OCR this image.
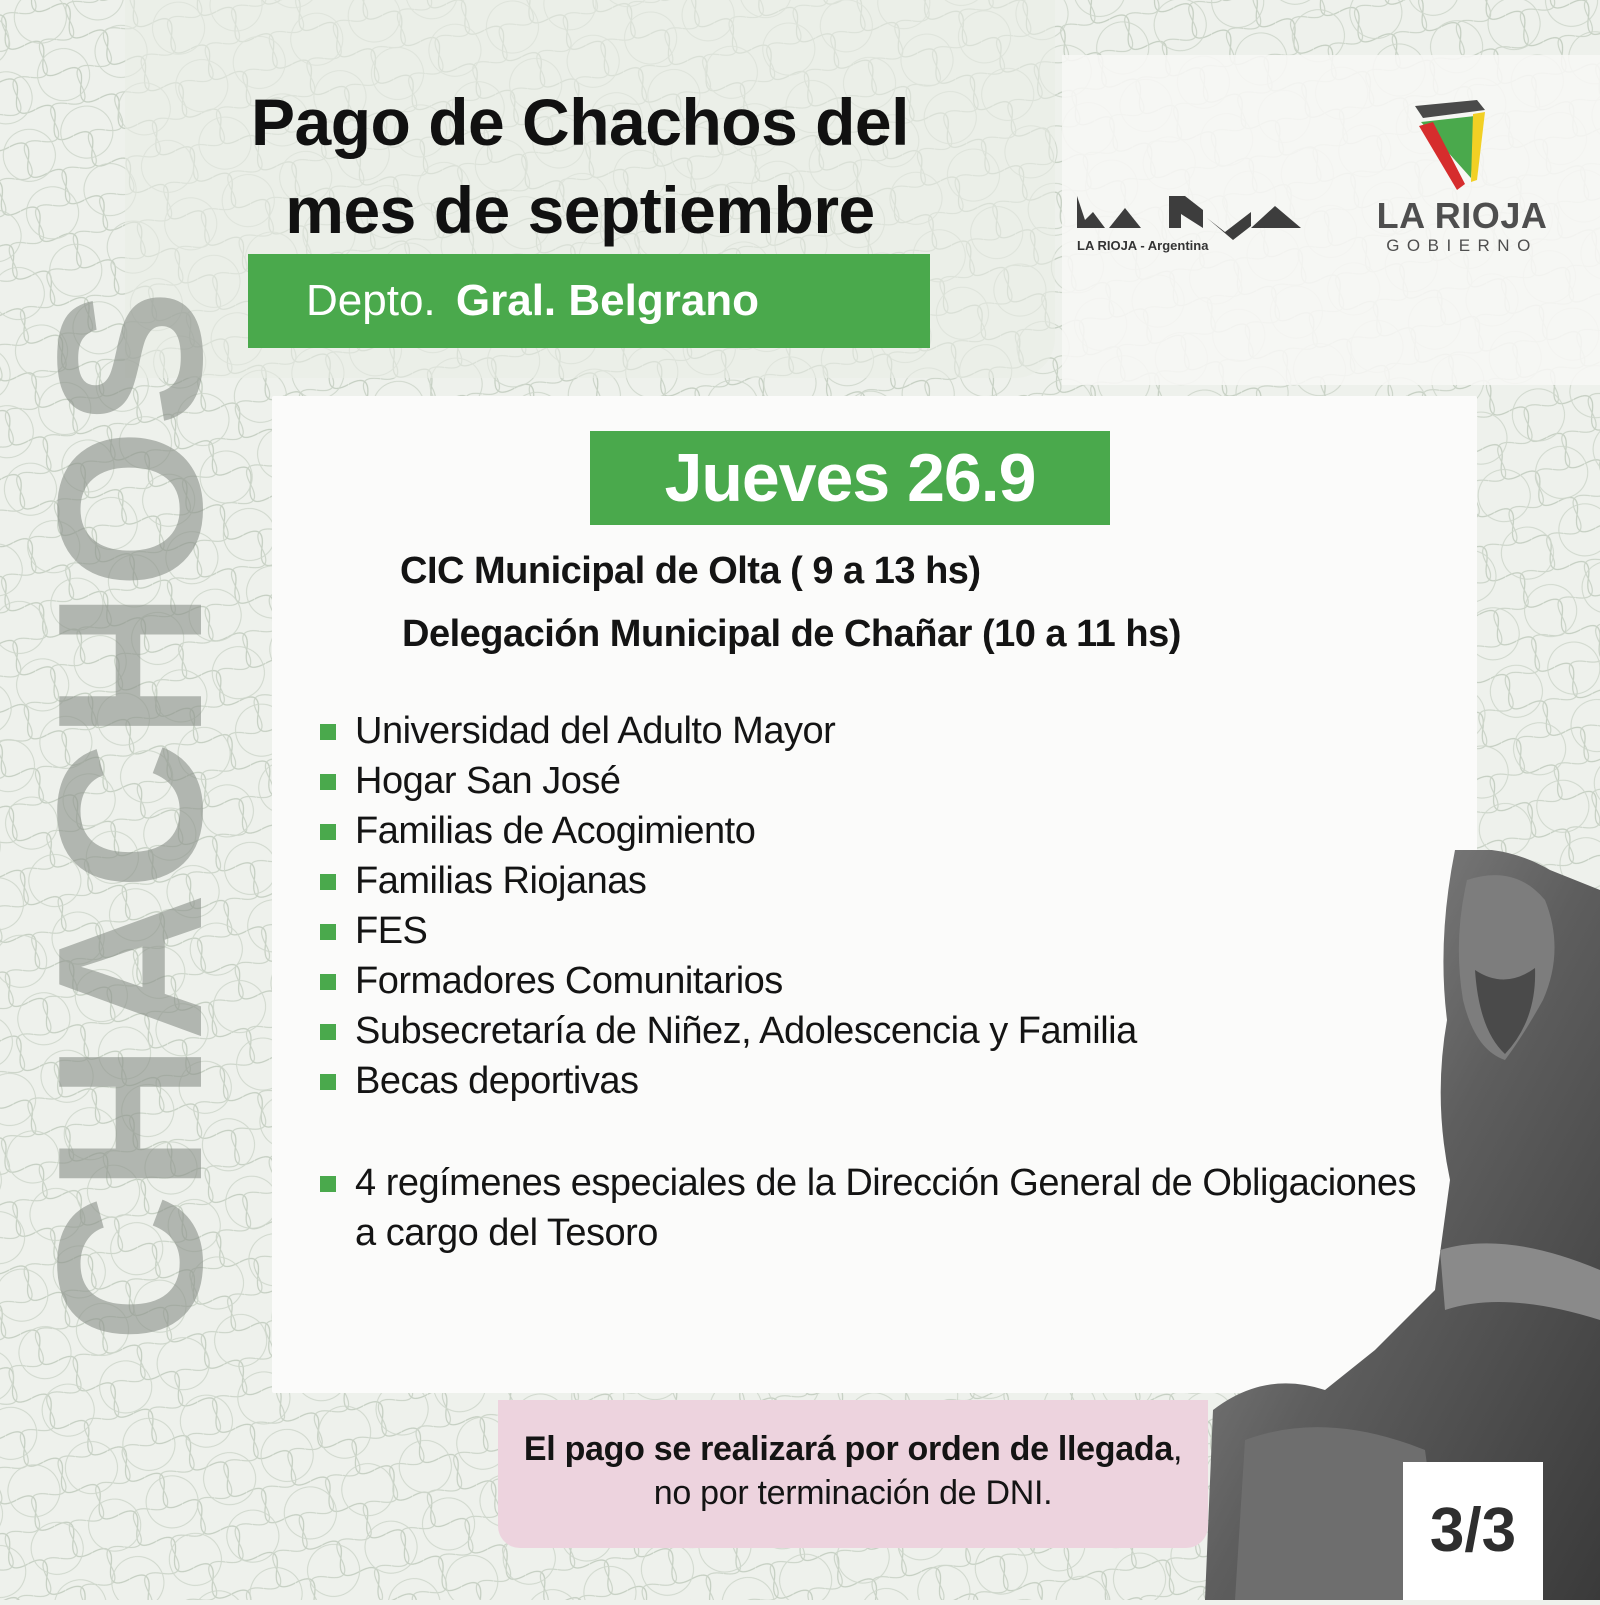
Pago de Chachos del
mes de septiembre
Depto. Gral. Belgrano
LA RIOJA - Argentina
LA RIOJA
GOBIERNO
CHACHOS	Jueves 26.9
CIC Municipal de Olta ( 9 a 13 hs)
Delegación Municipal de Chañar (10 a 11 hs)
Universidad del Adulto Mayor
Hogar San José
Familias de Acogimiento
Familias Riojanas
FES
Formadores Comunitarios
Subsecretaría de Niñez, Adolescencia y Familia
Becas deportivas
4 regímenes especiales de la Dirección General de Obligaciones a cargo del Tesoro
El pago se realizará por orden de llegada,
no por terminación de DNI.
3/3
